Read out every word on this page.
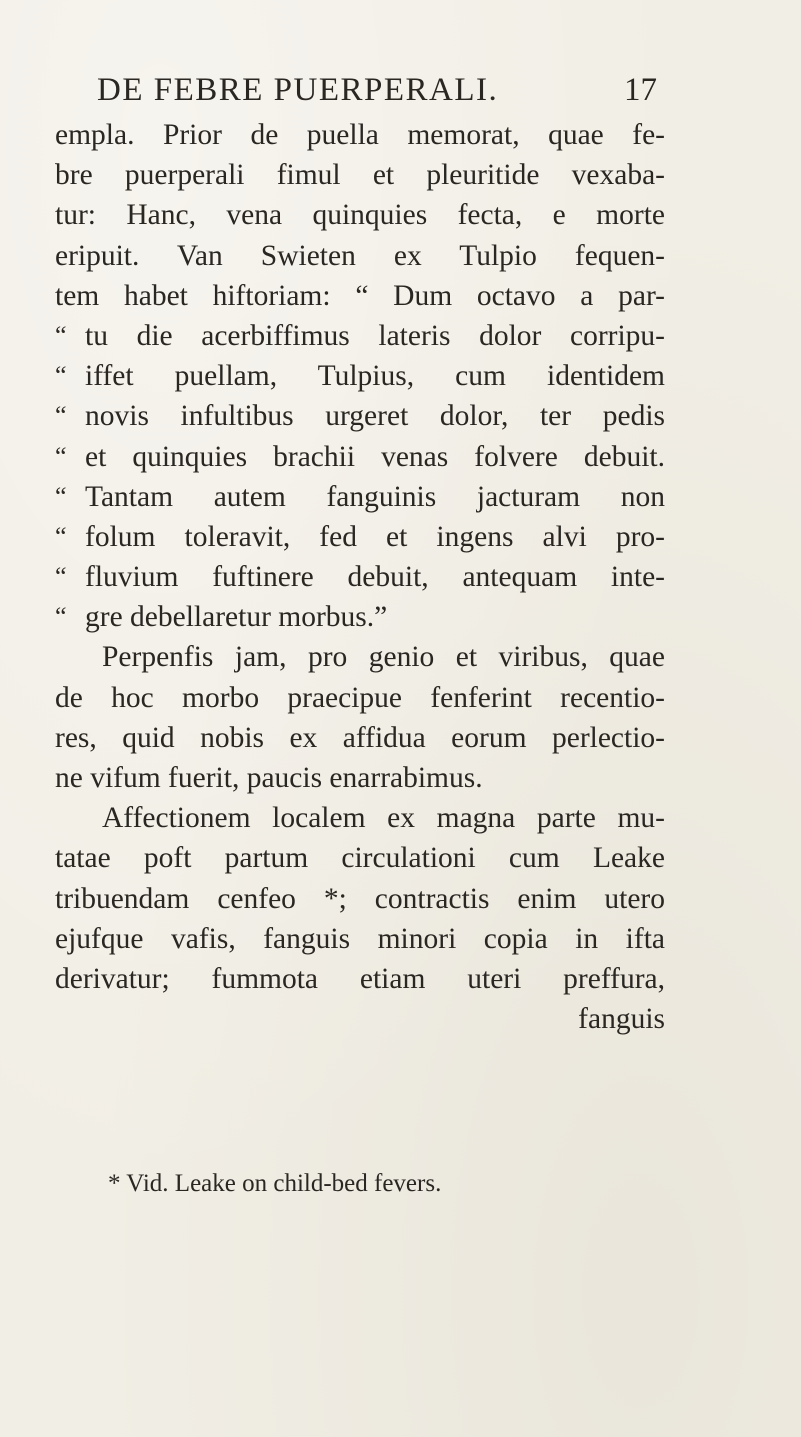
DE FEBRE PUERPERALI.	17
empla. Prior de puella memorat, quae fe-
bre puerperali fimul et pleuritide vexaba-
tur: Hanc, vena quinquies fecta, e morte
eripuit. Van Swieten ex Tulpio fequen-
tem habet hiftoriam: “ Dum octavo a par-
“ tu die acerbiffimus lateris dolor corripu-
“ iffet puellam, Tulpius, cum identidem
“ novis infultibus urgeret dolor, ter pedis
“ et quinquies brachii venas folvere debuit.
“ Tantam autem fanguinis jacturam non
“ folum toleravit, fed et ingens alvi pro-
“ fluvium fuftinere debuit, antequam inte-
“ gre debellaretur morbus.”
Perpenfis jam, pro genio et viribus, quae
de hoc morbo praecipue fenferint recentio-
res, quid nobis ex affidua eorum perlectio-
ne vifum fuerit, paucis enarrabimus.
Affectionem localem ex magna parte mu-
tatae poft partum circulationi cum Leake
tribuendam cenfeo *; contractis enim utero
ejufque vafis, fanguis minori copia in ifta
derivatur; fummota etiam uteri preffura,
fanguis
* Vid. Leake on child-bed fevers.
